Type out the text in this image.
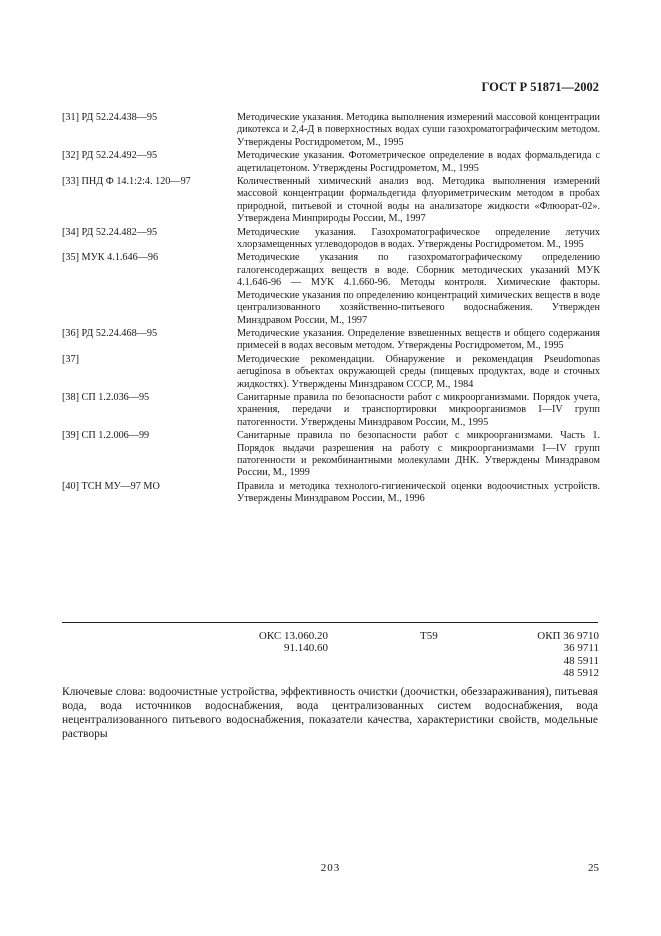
ГОСТ Р 51871—2002
[31] РД 52.24.438—95	Методические указания. Методика выполнения измерений массовой концентрации дикотекса и 2,4-Д в поверхностных водах суши газохроматографическим методом. Утверждены Росгидрометом, М., 1995
[32] РД 52.24.492—95	Методические указания. Фотометрическое определение в водах формальдегида с ацетилацетоном. Утверждены Росгидрометом, М., 1995
[33] ПНД Ф 14.1:2:4. 120—97	Количественный химический анализ вод. Методика выполнения измерений массовой концентрации формальдегида флуориметрическим методом в пробах природной, питьевой и сточной воды на анализаторе жидкости «Флюорат-02». Утверждена Минприроды России, М., 1997
[34] РД 52.24.482—95	Методические указания. Газохроматографическое определение летучих хлорзамещенных углеводородов в водах. Утверждены Росгидрометом. М., 1995
[35] МУК 4.1.646—96	Методические указания по газохроматографическому определению галогенсодержащих веществ в воде. Сборник методических указаний МУК 4.1.646-96 — МУК 4.1.660-96. Методы контроля. Химические факторы. Методические указания по определению концентраций химических веществ в воде централизованного хозяйственно-питьевого водоснабжения. Утвержден Минздравом России, М., 1997
[36] РД 52.24.468—95	Методические указания. Определение взвешенных веществ и общего содержания примесей в водах весовым методом. Утверждены Росгидрометом, М., 1995
[37]	Методические рекомендации. Обнаружение и рекомендация Pseudomonas aeruginosa в объектах окружающей среды (пищевых продуктах, воде и сточных жидкостях). Утверждены Минздравом СССР, М., 1984
[38] СП 1.2.036—95	Санитарные правила по безопасности работ с микроорганизмами. Порядок учета, хранения, передачи и транспортировки микроорганизмов I—IV групп патогенности. Утверждены Минздравом России, М., 1995
[39] СП 1.2.006—99	Санитарные правила по безопасности работ с микроорганизмами. Часть 1. Порядок выдачи разрешения на работу с микроорганизмами I—IV групп патогенности и рекомбинантными молекулами ДНК. Утверждены Минздравом России, М., 1999
[40] ТСН МУ—97 МО	Правила и методика технолого-гигиенической оценки водоочистных устройств. Утверждены Минздравом России, М., 1996
ОКС 13.060.20
91.140.60
Т59	ОКП 36 9710
36 9711
48 5911
48 5912
Ключевые слова: водоочистные устройства, эффективность очистки (доочистки, обеззараживания), питьевая вода, вода источников водоснабжения, вода централизованных систем водоснабжения, вода нецентрализованного питьевого водоснабжения, показатели качества, характеристики свойств, модельные растворы
203	25
